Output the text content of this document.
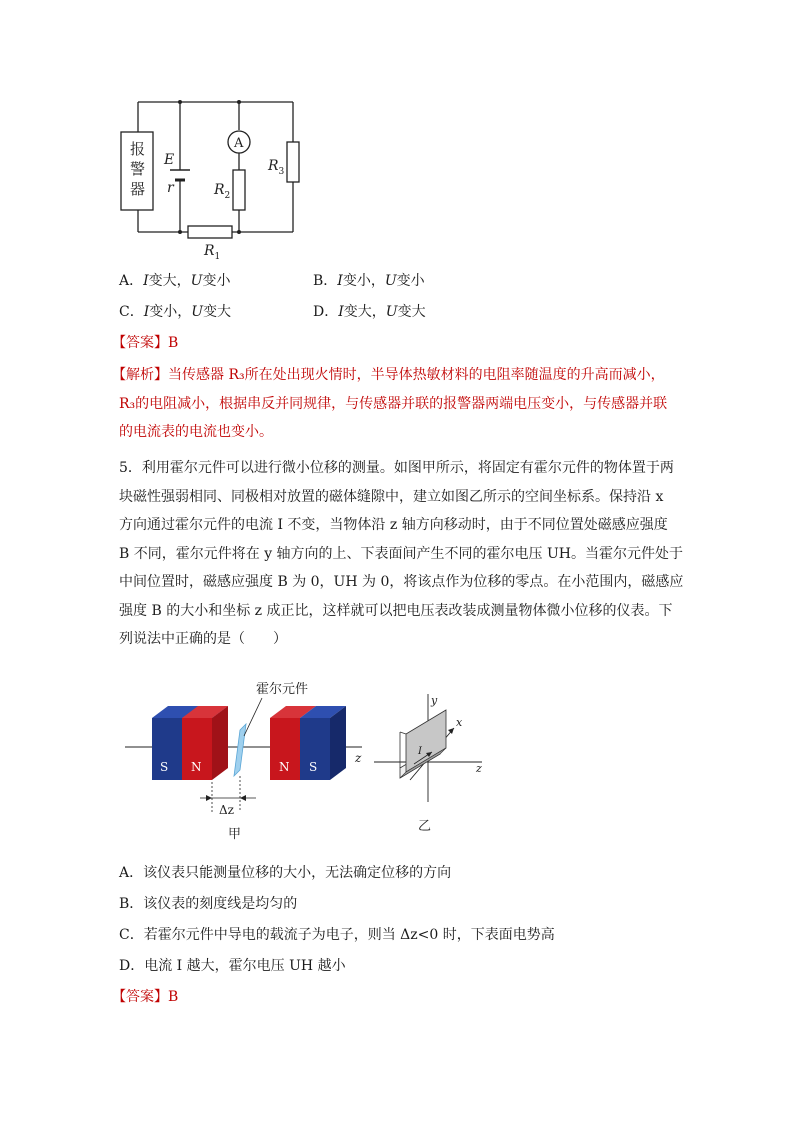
报
警
器
E
r
A
$R_2$
$R_3$
$R_1$
A．I变大，U变小	B．I变小，U变小
C．I变小，U变大	D．I变大，U变大
【答案】B
【解析】当传感器 R₃所在处出现火情时，半导体热敏材料的电阻率随温度的升高而减小，
R₃的电阻减小，根据串反并同规律，与传感器并联的报警器两端电压变小，与传感器并联
的电流表的电流也变小。
5．利用霍尔元件可以进行微小位移的测量。如图甲所示，将固定有霍尔元件的物体置于两
块磁性强弱相同、同极相对放置的磁体缝隙中，建立如图乙所示的空间坐标系。保持沿 x
方向通过霍尔元件的电流 I 不变，当物体沿 z 轴方向移动时，由于不同位置处磁感应强度
B 不同，霍尔元件将在 y 轴方向的上、下表面间产生不同的霍尔电压 UH。当霍尔元件处于
中间位置时，磁感应强度 B 为 0，UH 为 0，将该点作为位移的零点。在小范围内，磁感应
强度 B 的大小和坐标 z 成正比，这样就可以把电压表改装成测量物体微小位移的仪表。下
列说法中正确的是（　　）
S N	N S
z
Δz
甲
霍尔元件
y
x
z
I
乙
A．该仪表只能测量位移的大小，无法确定位移的方向
B．该仪表的刻度线是均匀的
C．若霍尔元件中导电的载流子为电子，则当 Δz<0 时，下表面电势高
D．电流 I 越大，霍尔电压 UH 越小
【答案】B
